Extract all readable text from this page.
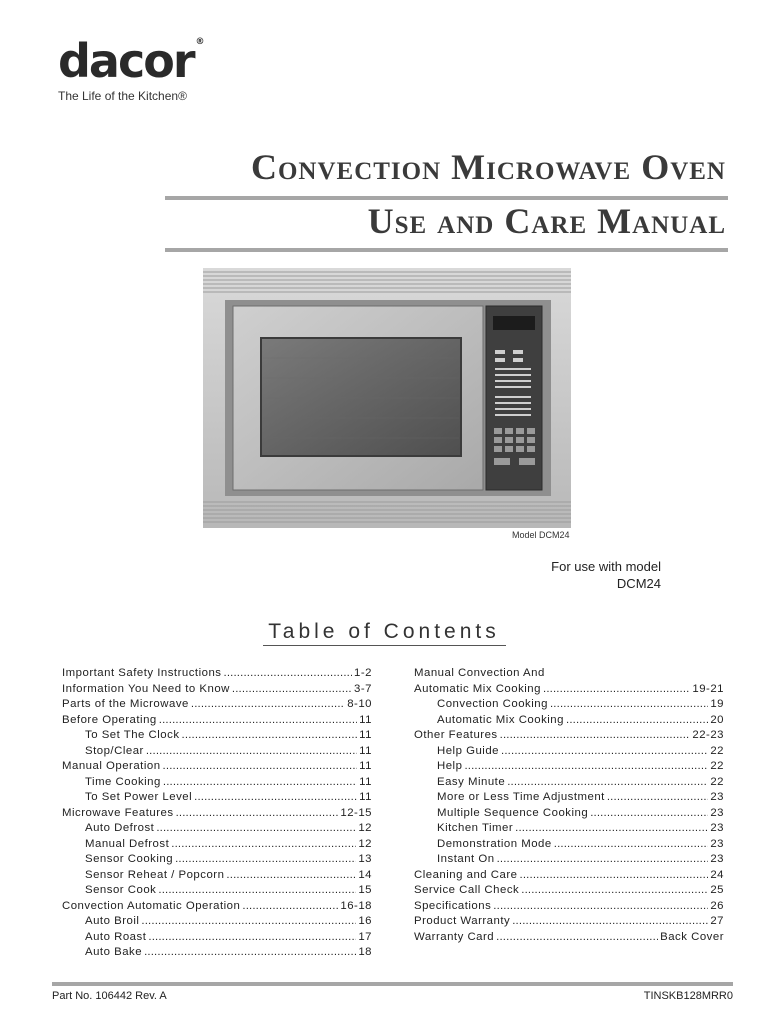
dacor ®
The Life of the Kitchen®
Convection Microwave Oven
Use and Care Manual
Model DCM24
For use with model
DCM24
Table of Contents
Important Safety Instructions . . .	1-2
Information You Need to Know . . .	3-7
Parts of the Microwave . . .	8-10
Before Operating . . .	11
To Set The Clock . . .	11
Stop/Clear . . .	11
Manual Operation . . .	11
Time Cooking . . .	11
To Set Power Level . . .	11
Microwave Features . . .	12-15
Auto Defrost . . .	12
Manual Defrost . . .	12
Sensor Cooking . . .	13
Sensor Reheat / Popcorn . . .	14
Sensor Cook . . .	15
Convection Automatic Operation . . .	16-18
Auto Broil . . .	16
Auto Roast . . .	17
Auto Bake . . .	18
Manual Convection And
Automatic Mix Cooking . . .	19-21
Convection Cooking . . .	19
Automatic Mix Cooking . . .	20
Other Features . . .	22-23
Help Guide . . .	22
Help . . .	22
Easy Minute . . .	22
More or Less Time Adjustment . . .	23
Multiple Sequence Cooking . . .	23
Kitchen Timer . . .	23
Demonstration Mode . . .	23
Instant On . . .	23
Cleaning and Care . . .	24
Service Call Check . . .	25
Specifications . . .	26
Product Warranty . . .	27
Warranty Card . . .	Back Cover
Part No. 106442 Rev. A	TINSKB128MRR0
